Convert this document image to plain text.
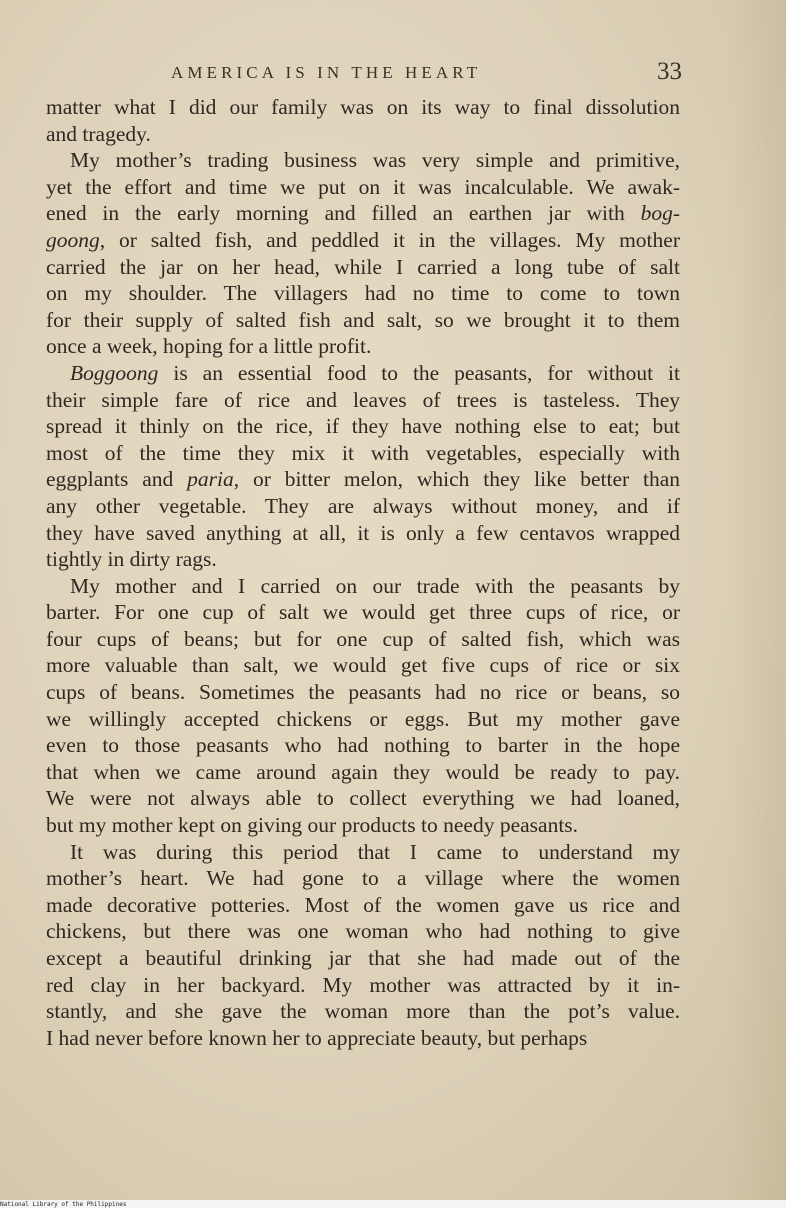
AMERICA IS IN THE HEART	33
matter what I did our family was on its way to final dissolution
and tragedy.
My mother’s trading business was very simple and primitive,
yet the effort and time we put on it was incalculable. We awak-
ened in the early morning and filled an earthen jar with bog-
goong, or salted fish, and peddled it in the villages. My mother
carried the jar on her head, while I carried a long tube of salt
on my shoulder. The villagers had no time to come to town
for their supply of salted fish and salt, so we brought it to them
once a week, hoping for a little profit.
Boggoong is an essential food to the peasants, for without it
their simple fare of rice and leaves of trees is tasteless. They
spread it thinly on the rice, if they have nothing else to eat; but
most of the time they mix it with vegetables, especially with
eggplants and paria, or bitter melon, which they like better than
any other vegetable. They are always without money, and if
they have saved anything at all, it is only a few centavos wrapped
tightly in dirty rags.
My mother and I carried on our trade with the peasants by
barter. For one cup of salt we would get three cups of rice, or
four cups of beans; but for one cup of salted fish, which was
more valuable than salt, we would get five cups of rice or six
cups of beans. Sometimes the peasants had no rice or beans, so
we willingly accepted chickens or eggs. But my mother gave
even to those peasants who had nothing to barter in the hope
that when we came around again they would be ready to pay.
We were not always able to collect everything we had loaned,
but my mother kept on giving our products to needy peasants.
It was during this period that I came to understand my
mother’s heart. We had gone to a village where the women
made decorative potteries. Most of the women gave us rice and
chickens, but there was one woman who had nothing to give
except a beautiful drinking jar that she had made out of the
red clay in her backyard. My mother was attracted by it in-
stantly, and she gave the woman more than the pot’s value.
I had never before known her to appreciate beauty, but perhaps
National Library of the Philippines
